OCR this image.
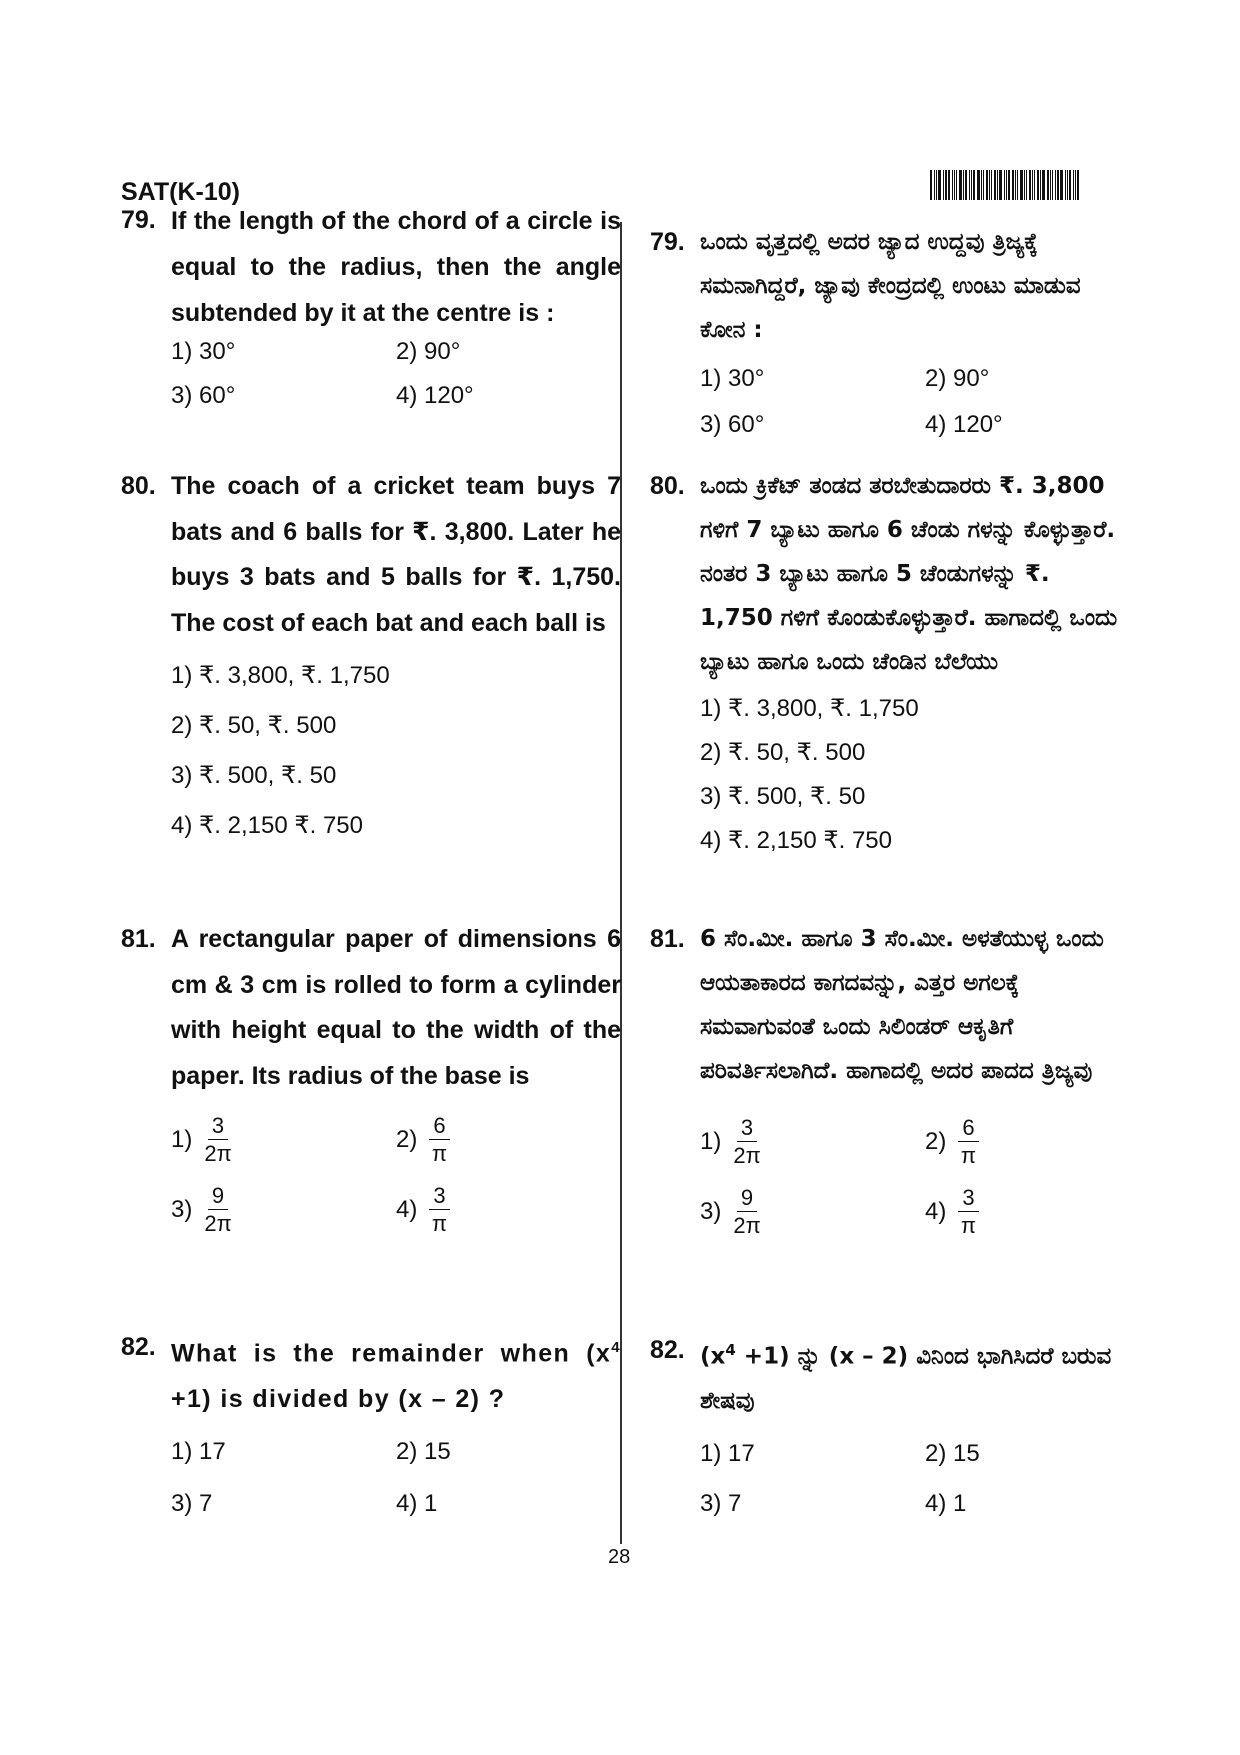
SAT(K-10)
79. If the length of the chord of a circle is equal to the radius, then the angle subtended by it at the centre is :
1) 30°	2) 90°
3) 60°	4) 120°
80. The coach of a cricket team buys 7 bats and 6 balls for ₹. 3,800. Later he buys 3 bats and 5 balls for ₹. 1,750. The cost of each bat and each ball is
1) ₹. 3,800, ₹. 1,750
2) ₹. 50, ₹. 500
3) ₹. 500, ₹. 50
4) ₹. 2,150 ₹. 750
81. A rectangular paper of dimensions 6 cm & 3 cm is rolled to form a cylinder with height equal to the width of the paper. Its radius of the base is
$1) \frac{3}{2\pi}$	$2) \frac{6}{\pi}$
$3) \frac{9}{2\pi}$	$4) \frac{3}{\pi}$
82. What is the remainder when $(x^4 +1)$ is divided by (x – 2) ?
1) 17	2) 15
3) 7	4) 1
79. ಒಂದು ವೃತ್ತದಲ್ಲಿ ಅದರ ಜ್ಯಾದ ಉದ್ದವು ತ್ರಿಜ್ಯಕ್ಕೆ ಸಮನಾಗಿದ್ದರೆ, ಜ್ಯಾವು ಕೇಂದ್ರದಲ್ಲಿ ಉಂಟು ಮಾಡುವ ಕೋನ :
1) 30°	2) 90°
3) 60°	4) 120°
80. ಒಂದು ಕ್ರಿಕೆಟ್ ತಂಡದ ತರಬೇತುದಾರರು ₹. 3,800 ಗಳಿಗೆ 7 ಬ್ಯಾಟು ಹಾಗೂ 6 ಚೆಂಡು ಗಳನ್ನು ಕೊಳ್ಳುತ್ತಾರೆ. ನಂತರ 3 ಬ್ಯಾಟು ಹಾಗೂ 5 ಚೆಂಡುಗಳನ್ನು ₹. 1,750 ಗಳಿಗೆ ಕೊಂಡುಕೊಳ್ಳುತ್ತಾರೆ. ಹಾಗಾದಲ್ಲಿ ಒಂದು ಬ್ಯಾಟು ಹಾಗೂ ಒಂದು ಚೆಂಡಿನ ಬೆಲೆಯು
1) ₹. 3,800, ₹. 1,750
2) ₹. 50, ₹. 500
3) ₹. 500, ₹. 50
4) ₹. 2,150 ₹. 750
81. 6 ಸೆಂ.ಮೀ. ಹಾಗೂ 3 ಸೆಂ.ಮೀ. ಅಳತೆಯುಳ್ಳ ಒಂದು ಆಯತಾಕಾರದ ಕಾಗದವನ್ನು, ಎತ್ತರ ಅಗಲಕ್ಕೆ ಸಮವಾಗುವಂತೆ ಒಂದು ಸಿಲಿಂಡರ್ ಆಕೃತಿಗೆ ಪರಿವರ್ತಿಸಲಾಗಿದೆ. ಹಾಗಾದಲ್ಲಿ ಅದರ ಪಾದದ ತ್ರಿಜ್ಯವು
$1) \frac{3}{2\pi}$	$2) \frac{6}{\pi}$
$3) \frac{9}{2\pi}$	$4) \frac{3}{\pi}$
82. $(x^4 +1)$ ನ್ನು (x – 2) ವಿನಿಂದ ಭಾಗಿಸಿದರೆ ಬರುವ ಶೇಷವು
1) 17	2) 15
3) 7	4) 1
28
